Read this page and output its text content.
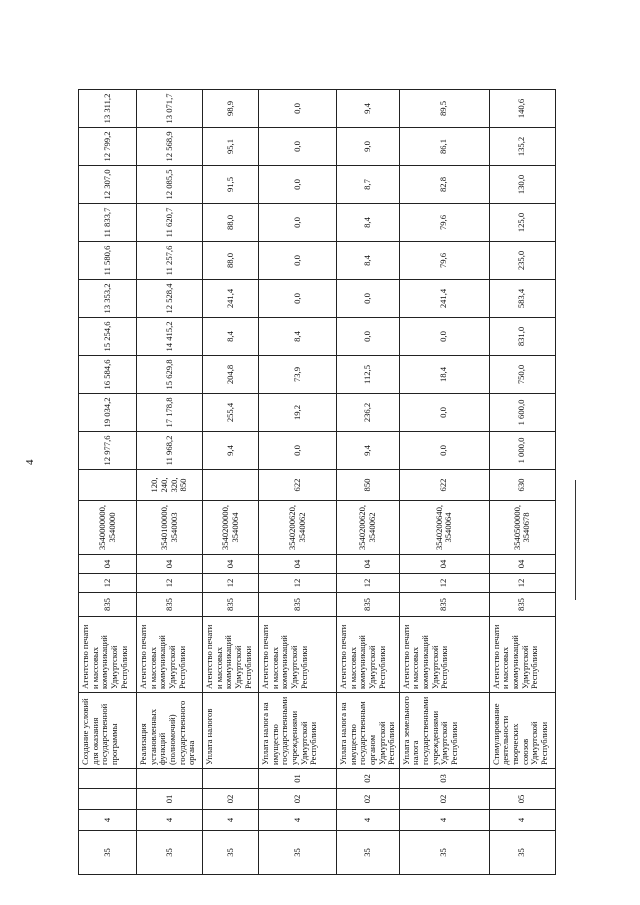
4
35	4			Создание условий для оказания государственной программы	Агентство печати и массовых коммуникаций Удмуртской Республики	835	12	04	3540000000, 3540000		12 977,6	19 034,2	16 584,6	15 254,6	13 353,2	11 580,6	11 833,7	12 307,0	12 799,2	13 311,2
35	4	01		Реализация установленных функций (полномочий) государственного органа	Агентство печати и массовых коммуникаций Удмуртской Республики	835	12	04	3540100000, 3540003	120, 240, 320, 850	11 968,2	17 178,8	15 629,8	14 415,2	12 528,4	11 257,6	11 620,7	12 085,5	12 568,9	13 071,7
35	4	02		Уплата налогов	Агентство печати и массовых коммуникаций Удмуртской Республики	835	12	04	3540200000, 3540064		9,4	255,4	204,8	8,4	241,4	88,0	88,0	91,5	95,1	98,9
35	4	02	01	Уплата налога на имущество государственными учреждениями Удмуртской Республики	Агентство печати и массовых коммуникаций Удмуртской Республики	835	12	04	3540200620, 3540062	622	0,0	19,2	73,9	8,4	0,0	0,0	0,0	0,0	0,0	0,0
35	4	02	02	Уплата налога на имущество государственным органом Удмуртской Республики	Агентство печати и массовых коммуникаций Удмуртской Республики	835	12	04	3540200620, 3540062	850	9,4	236,2	112,5	0,0	0,0	8,4	8,4	8,7	9,0	9,4
35	4	02	03	Уплата земельного налога государственными учреждениями Удмуртской Республики	Агентство печати и массовых коммуникаций Удмуртской Республики	835	12	04	3540200640, 3540064	622	0,0	0,0	18,4	0,0	241,4	79,6	79,6	82,8	86,1	89,5
35	4	05		Стимулирование деятельности творческих союзов Удмуртской Республики	Агентство печати и массовых коммуникаций Удмуртской Республики	835	12	04	3540500000, 3540678	630	1 000,0	1 600,0	750,0	831,0	583,4	235,0	125,0	130,0	135,2	140,6
